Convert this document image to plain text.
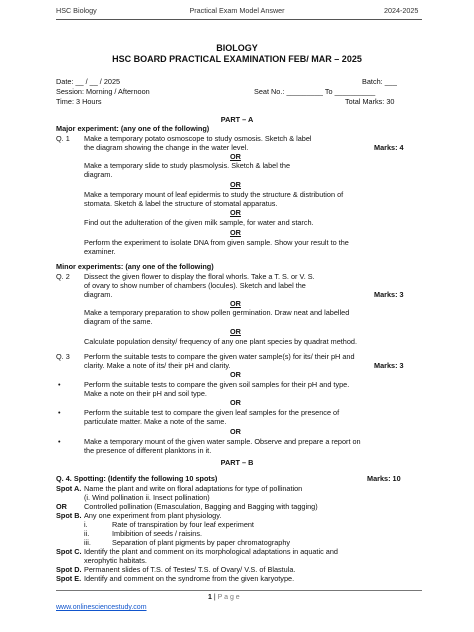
HSC Biology	Practical Exam Model Answer	2024-2025
BIOLOGY
HSC BOARD PRACTICAL EXAMINATION FEB/ MAR – 2025
Date: __ / __ / 2025	Batch: ___
Session: Morning / Afternoon	Seat No.: _________ To __________
Time: 3 Hours	Total Marks: 30
PART – A
Major experiment: (any one of the following)
Q. 1 Make a temporary potato osmoscope to study osmosis. Sketch & label
the diagram showing the change in the water level.	Marks: 4
OR
Make a temporary slide to study plasmolysis. Sketch & label the
diagram.
OR
Make a temporary mount of leaf epidermis to study the structure & distribution of
stomata. Sketch & label the structure of stomatal apparatus.
OR
Find out the adulteration of the given milk sample, for water and starch.
OR
Perform the experiment to isolate DNA from given sample. Show your result to the
examiner.
Minor experiments: (any one of the following)
Q. 2 Dissect the given flower to display the floral whorls. Take a T. S. or V. S.
of ovary to show number of chambers (locules). Sketch and label the
diagram.	Marks: 3
OR
Make a temporary preparation to show pollen germination. Draw neat and labelled
diagram of the same.
OR
Calculate population density/ frequency of any one plant species by quadrat method.
Q. 3 Perform the suitable tests to compare the given water sample(s) for its/ their pH and
clarity. Make a note of its/ their pH and clarity.	Marks: 3
OR
•	Perform the suitable tests to compare the given soil samples for their pH and type.
Make a note on their pH and soil type.
OR
•	Perform the suitable test to compare the given leaf samples for the presence of
particulate matter. Make a note of the same.
OR
•	Make a temporary mount of the given water sample. Observe and prepare a report on
the presence of different planktons in it.
PART – B
Q. 4. Spotting: (Identify the following 10 spots)	Marks: 10
Spot A. Name the plant and write on floral adaptations for type of pollination
(i. Wind pollination ii. Insect pollination)
OR Controlled pollination (Emasculation, Bagging and Bagging with tagging)
Spot B. Any one experiment from plant physiology.
i.	Rate of transpiration by four leaf experiment
ii.	Imbibition of seeds / raisins.
iii.	Separation of plant pigments by paper chromatography
Spot C. Identify the plant and comment on its morphological adaptations in aquatic and
xerophytic habitats.
Spot D. Permanent slides of T.S. of Testes/ T.S. of Ovary/ V.S. of Blastula.
Spot E. Identify and comment on the syndrome from the given karyotype.
1 | P a g e
www.onlinesciencestudy.com
